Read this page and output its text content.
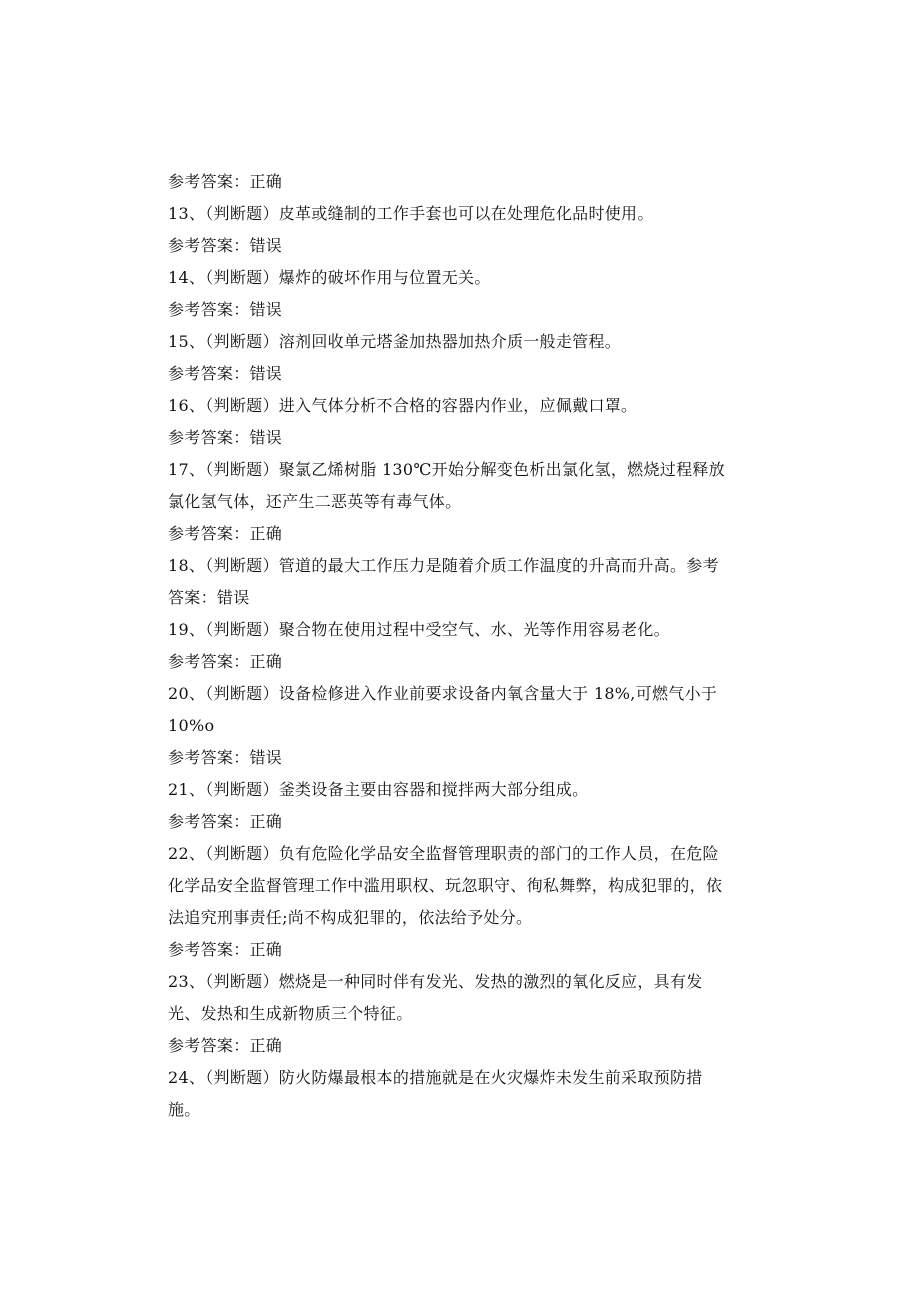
参考答案：正确
13、（判断题）皮革或缝制的工作手套也可以在处理危化品时使用。
参考答案：错误
14、（判断题）爆炸的破坏作用与位置无关。
参考答案：错误
15、（判断题）溶剂回收单元塔釜加热器加热介质一般走管程。
参考答案：错误
16、（判断题）进入气体分析不合格的容器内作业，应佩戴口罩。
参考答案：错误
17、（判断题）聚氯乙烯树脂 130℃开始分解变色析出氯化氢，燃烧过程释放
氯化氢气体，还产生二恶英等有毒气体。
参考答案：正确
18、（判断题）管道的最大工作压力是随着介质工作温度的升高而升高。参考
答案：错误
19、（判断题）聚合物在使用过程中受空气、水、光等作用容易老化。
参考答案：正确
20、（判断题）设备检修进入作业前要求设备内氧含量大于 18%,可燃气小于
10%o
参考答案：错误
21、（判断题）釜类设备主要由容器和搅拌两大部分组成。
参考答案：正确
22、（判断题）负有危险化学品安全监督管理职责的部门的工作人员，在危险
化学品安全监督管理工作中滥用职权、玩忽职守、徇私舞弊，构成犯罪的，依
法追究刑事责任;尚不构成犯罪的，依法给予处分。
参考答案：正确
23、（判断题）燃烧是一种同时伴有发光、发热的激烈的氧化反应，具有发
光、发热和生成新物质三个特征。
参考答案：正确
24、（判断题）防火防爆最根本的措施就是在火灾爆炸未发生前采取预防措
施。
